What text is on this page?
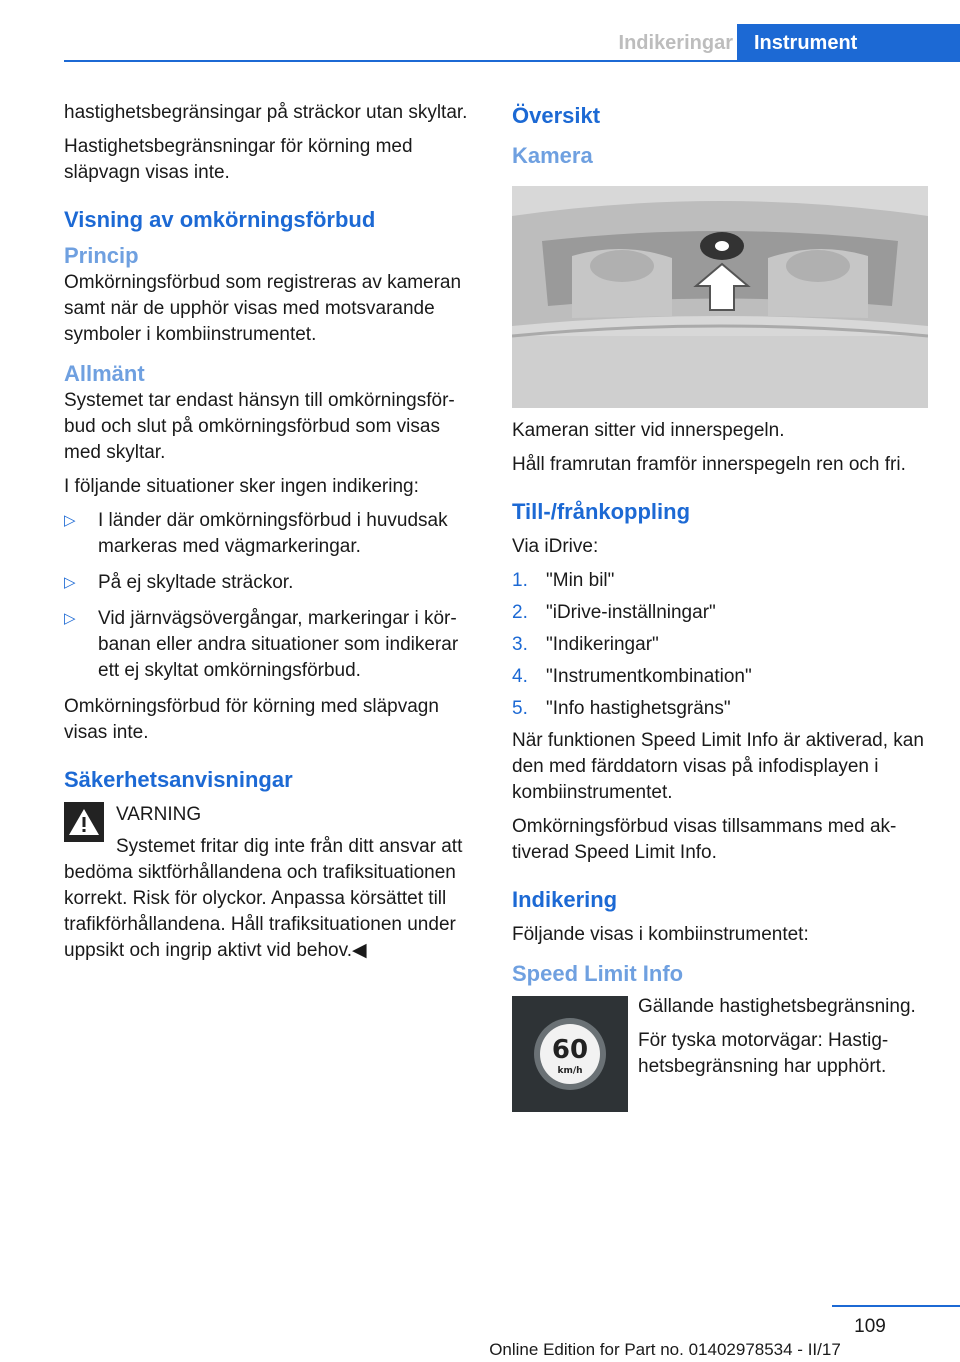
Indikeringar	Instrument

hastighetsbegränsingar på sträckor utan skyltar.

Hastighetsbegränsningar för körning med släpvagn visas inte.

Visning av omkörningsförbud
Princip

Omkörningsförbud som registreras av kameran samt när de upphör visas med motsvarande symboler i kombiinstrumentet.

Allmänt

Systemet tar endast hänsyn till omkörningsförbud och slut på omkörningsförbud som visas med skyltar.

I följande situationer sker ingen indikering:

▷ I länder där omkörningsförbud i huvudsak markeras med vägmarkeringar.
▷ På ej skyltade sträckor.
▷ Vid järnvägsövergångar, markeringar i körbanan eller andra situationer som indikerar ett ej skyltat omkörningsförbud.

Omkörningsförbud för körning med släpvagn visas inte.

Säkerhetsanvisningar

VARNING

Systemet fritar dig inte från ditt ansvar att

bedöma siktförhållandena och trafiksituationen korrekt. Risk för olyckor. Anpassa körsättet till trafikförhållandena. Håll trafiksituationen under uppsikt och ingrip aktivt vid behov.◀

Översikt
Kamera

Kameran sitter vid innerspegeln.

Håll framrutan framför innerspegeln ren och fri.

Till-/frånkoppling

Via iDrive:

1. "Min bil"
2. "iDrive-inställningar"
3. "Indikeringar"
4. "Instrumentkombination"
5. "Info hastighetsgräns"

När funktionen Speed Limit Info är aktiverad, kan den med färddatorn visas på infodisplayen i kombiinstrumentet.

Omkörningsförbud visas tillsammans med aktiverad Speed Limit Info.

Indikering

Följande visas i kombiinstrumentet:

Speed Limit Info
60
km/h

Gällande hastighetsbegränsning.

För tyska motorvägar: Hastighetsbegränsning har upphört.

109
Online Edition for Part no. 01402978534 - II/17
